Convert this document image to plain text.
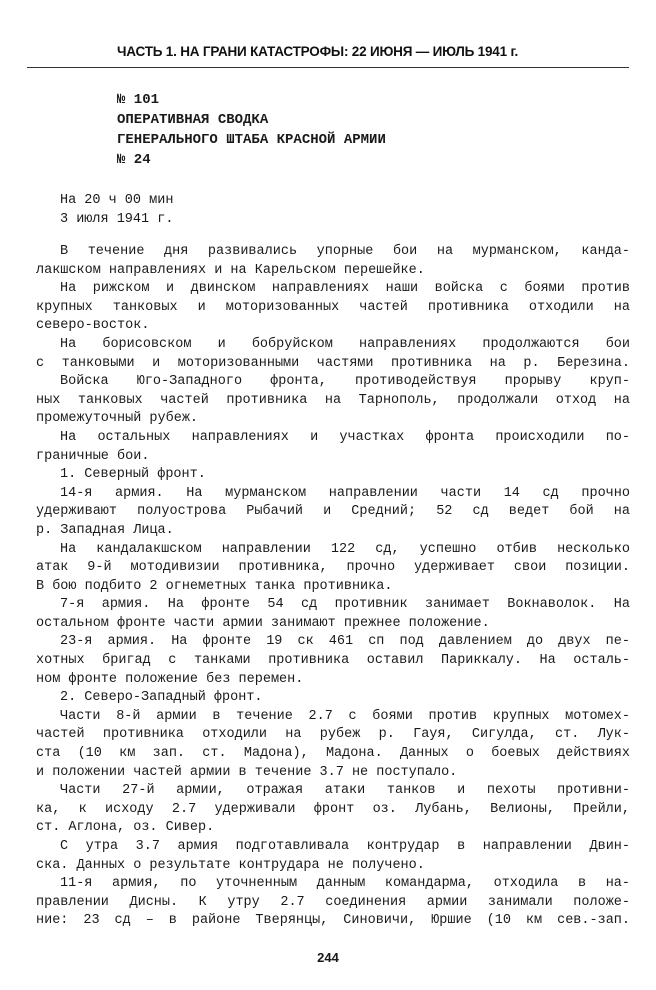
ЧАСТЬ 1. НА ГРАНИ КАТАСТРОФЫ: 22 ИЮНЯ — ИЮЛЬ 1941 г.
№ 101
ОПЕРАТИВНАЯ СВОДКА
ГЕНЕРАЛЬНОГО ШТАБА КРАСНОЙ АРМИИ
№ 24
На 20 ч 00 мин
3 июля 1941 г.
В течение дня развивались упорные бои на мурманском, канда-
лакшском направлениях и на Карельском перешейке.
На рижском и двинском направлениях наши войска с боями против
крупных танковых и моторизованных частей противника отходили на
северо-восток.
На борисовском и бобруйском направлениях продолжаются бои
с танковыми и моторизованными частями противника на р. Березина.
Войска Юго-Западного фронта, противодействуя прорыву круп-
ных танковых частей противника на Тарнополь, продолжали отход на
промежуточный рубеж.
На остальных направлениях и участках фронта происходили по-
граничные бои.
1. Северный фронт.
14-я армия. На мурманском направлении части 14 сд прочно
удерживают полуострова Рыбачий и Средний; 52 сд ведет бой на
р. Западная Лица.
На кандалакшском направлении 122 сд, успешно отбив несколько
атак 9-й мотодивизии противника, прочно удерживает свои позиции.
В бою подбито 2 огнеметных танка противника.
7-я армия. На фронте 54 сд противник занимает Вокнаволок. На
остальном фронте части армии занимают прежнее положение.
23-я армия. На фронте 19 ск 461 сп под давлением до двух пе-
хотных бригад с танками противника оставил Париккалу. На осталь-
ном фронте положение без перемен.
2. Северо-Западный фронт.
Части 8-й армии в течение 2.7 с боями против крупных мотомех-
частей противника отходили на рубеж р. Гауя, Сигулда, ст. Лук-
ста (10 км зап. ст. Мадона), Мадона. Данных о боевых действиях
и положении частей армии в течение 3.7 не поступало.
Части 27-й армии, отражая атаки танков и пехоты противни-
ка, к исходу 2.7 удерживали фронт оз. Лубань, Велионы, Прейли,
ст. Аглона, оз. Сивер.
С утра 3.7 армия подготавливала контрудар в направлении Двин-
ска. Данных о результате контрудара не получено.
11-я армия, по уточненным данным командарма, отходила в на-
правлении Дисны. К утру 2.7 соединения армии занимали положе-
ние: 23 сд – в районе Тверянцы, Синовичи, Юршие (10 км сев.-зап.
244
